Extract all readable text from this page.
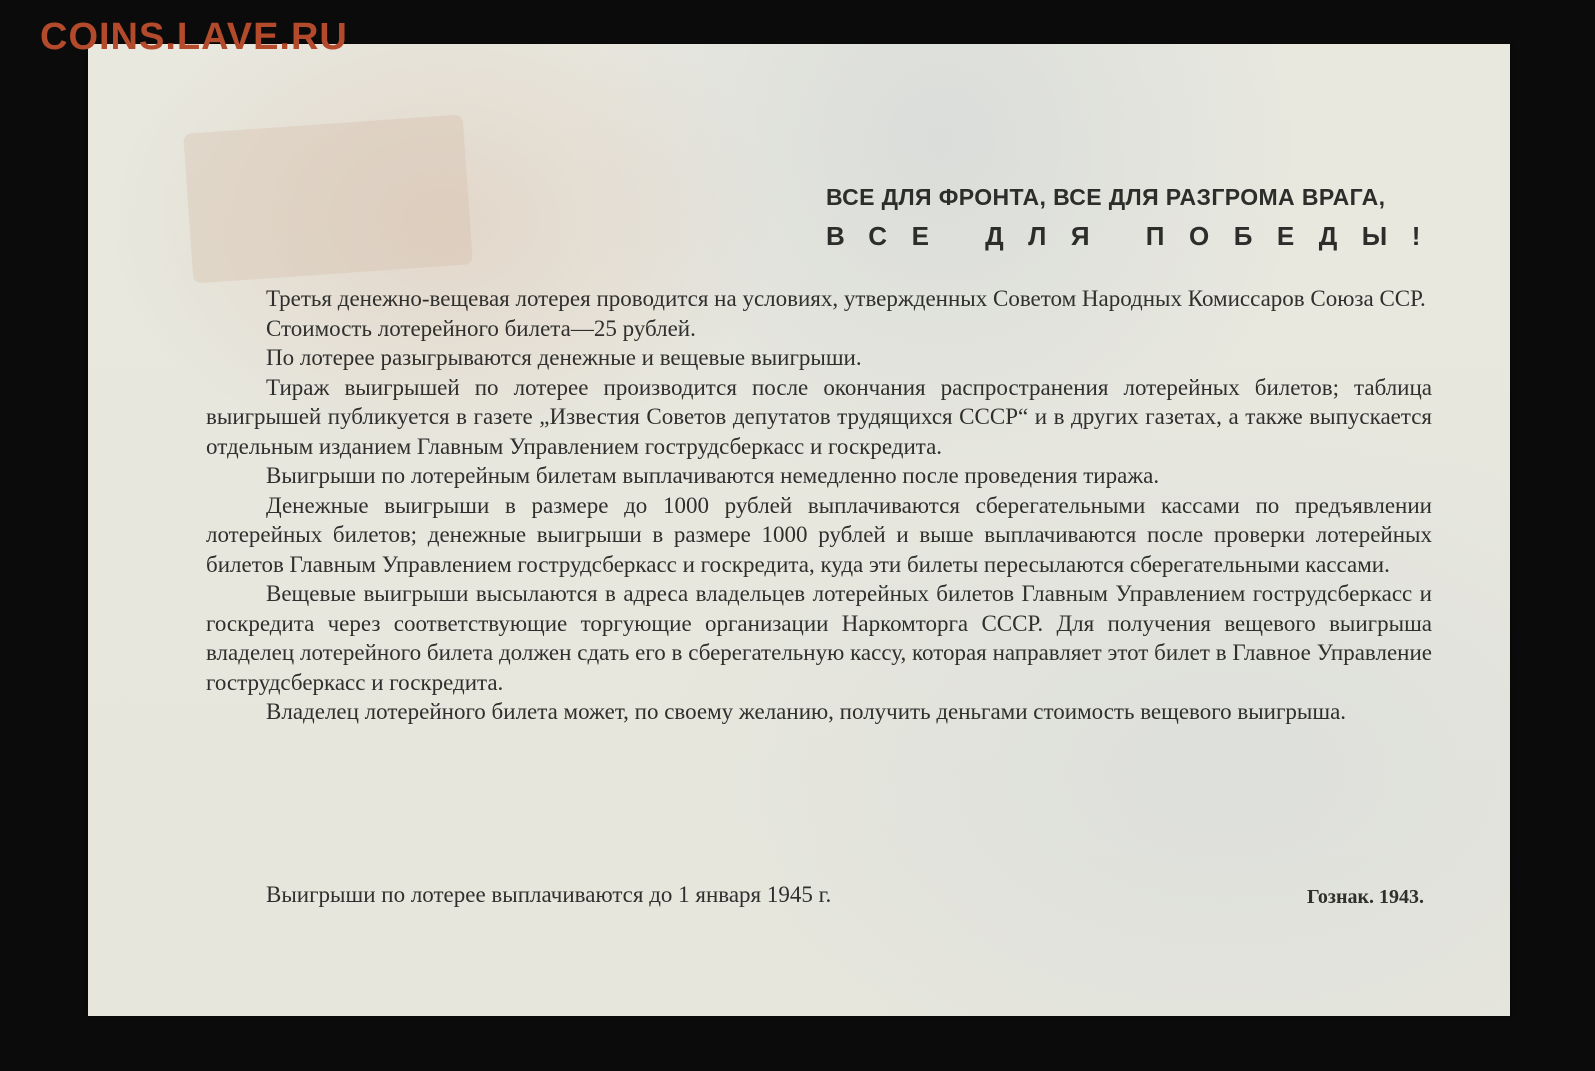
COINS.LAVE.RU
ВСЕ ДЛЯ ФРОНТА, ВСЕ ДЛЯ РАЗГРОМА ВРАГА,
ВСЕ ДЛЯ ПОБЕДЫ!

Третья денежно-вещевая лотерея проводится на условиях, утвержденных Советом Народных Комиссаров Союза ССР.

Стоимость лотерейного билета—25 рублей.

По лотерее разыгрываются денежные и вещевые выигрыши.

Тираж выигрышей по лотерее производится после окончания распространения лотерейных билетов; таблица выигрышей публикуется в газете „Известия Советов депутатов трудящихся СССР“ и в других газетах, а также выпускается отдельным изданием Главным Управлением гострудсберкасс и госкредита.

Выигрыши по лотерейным билетам выплачиваются немедленно после проведения тиража.

Денежные выигрыши в размере до 1000 рублей выплачиваются сберегательными кассами по предъявлении лотерейных билетов; денежные выигрыши в размере 1000 рублей и выше выплачиваются после проверки лотерейных билетов Главным Управлением гострудсберкасс и госкредита, куда эти билеты пересылаются сберегательными кассами.

Вещевые выигрыши высылаются в адреса владельцев лотерейных билетов Главным Управлением гострудсберкасс и госкредита через соответствующие торгующие организации Наркомторга СССР. Для получения вещевого выигрыша владелец лотерейного билета должен сдать его в сберегательную кассу, которая направляет этот билет в Главное Управление гострудсберкасс и госкредита.

Владелец лотерейного билета может, по своему желанию, получить деньгами стоимость вещевого выигрыша.

Выигрыши по лотерее выплачиваются до 1 января 1945 г.	Гознак. 1943.
